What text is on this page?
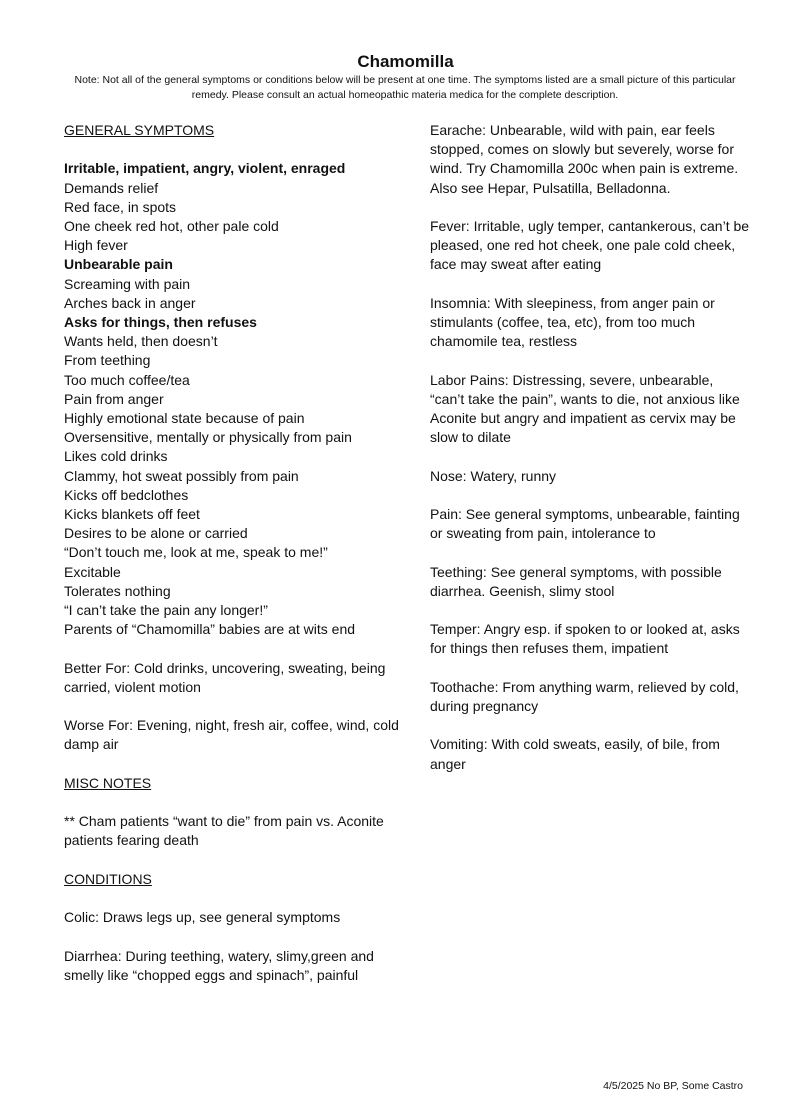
Chamomilla
Note: Not all of the general symptoms or conditions below will be present at one time. The symptoms listed are a small picture of this particular remedy. Please consult an actual homeopathic materia medica for the complete description.
GENERAL SYMPTOMS
Irritable, impatient, angry, violent, enraged
Demands relief
Red face, in spots
One cheek red hot, other pale cold
High fever
Unbearable pain
Screaming with pain
Arches back in anger
Asks for things, then refuses
Wants held, then doesn’t
From teething
Too much coffee/tea
Pain from anger
Highly emotional state because of pain
Oversensitive, mentally or physically from pain
Likes cold drinks
Clammy, hot sweat possibly from pain
Kicks off bedclothes
Kicks blankets off feet
Desires to be alone or carried
“Don’t touch me, look at me, speak to me!”
Excitable
Tolerates nothing
“I can’t take the pain any longer!”
Parents of “Chamomilla” babies are at wits end
Better For: Cold drinks, uncovering, sweating, being carried, violent motion
Worse For: Evening, night, fresh air, coffee, wind, cold damp air
MISC NOTES
** Cham patients “want to die” from pain vs. Aconite patients fearing death
CONDITIONS
Colic: Draws legs up, see general symptoms
Diarrhea: During teething, watery, slimy,green and smelly like “chopped eggs and spinach”, painful
Earache: Unbearable, wild with pain, ear feels stopped, comes on slowly but severely, worse for wind. Try Chamomilla 200c when pain is extreme. Also see Hepar, Pulsatilla, Belladonna.
Fever: Irritable, ugly temper, cantankerous, can’t be pleased, one red hot cheek, one pale cold cheek, face may sweat after eating
Insomnia: With sleepiness, from anger pain or stimulants (coffee, tea, etc), from too much chamomile tea, restless
Labor Pains: Distressing, severe, unbearable, “can’t take the pain”, wants to die, not anxious like Aconite but angry and impatient as cervix may be slow to dilate
Nose: Watery, runny
Pain: See general symptoms, unbearable, fainting or sweating from pain, intolerance to
Teething: See general symptoms, with possible diarrhea. Geenish, slimy stool
Temper: Angry esp. if spoken to or looked at, asks for things then refuses them, impatient
Toothache: From anything warm, relieved by cold, during pregnancy
Vomiting: With cold sweats, easily, of bile, from anger
4/5/2025 No BP, Some Castro
